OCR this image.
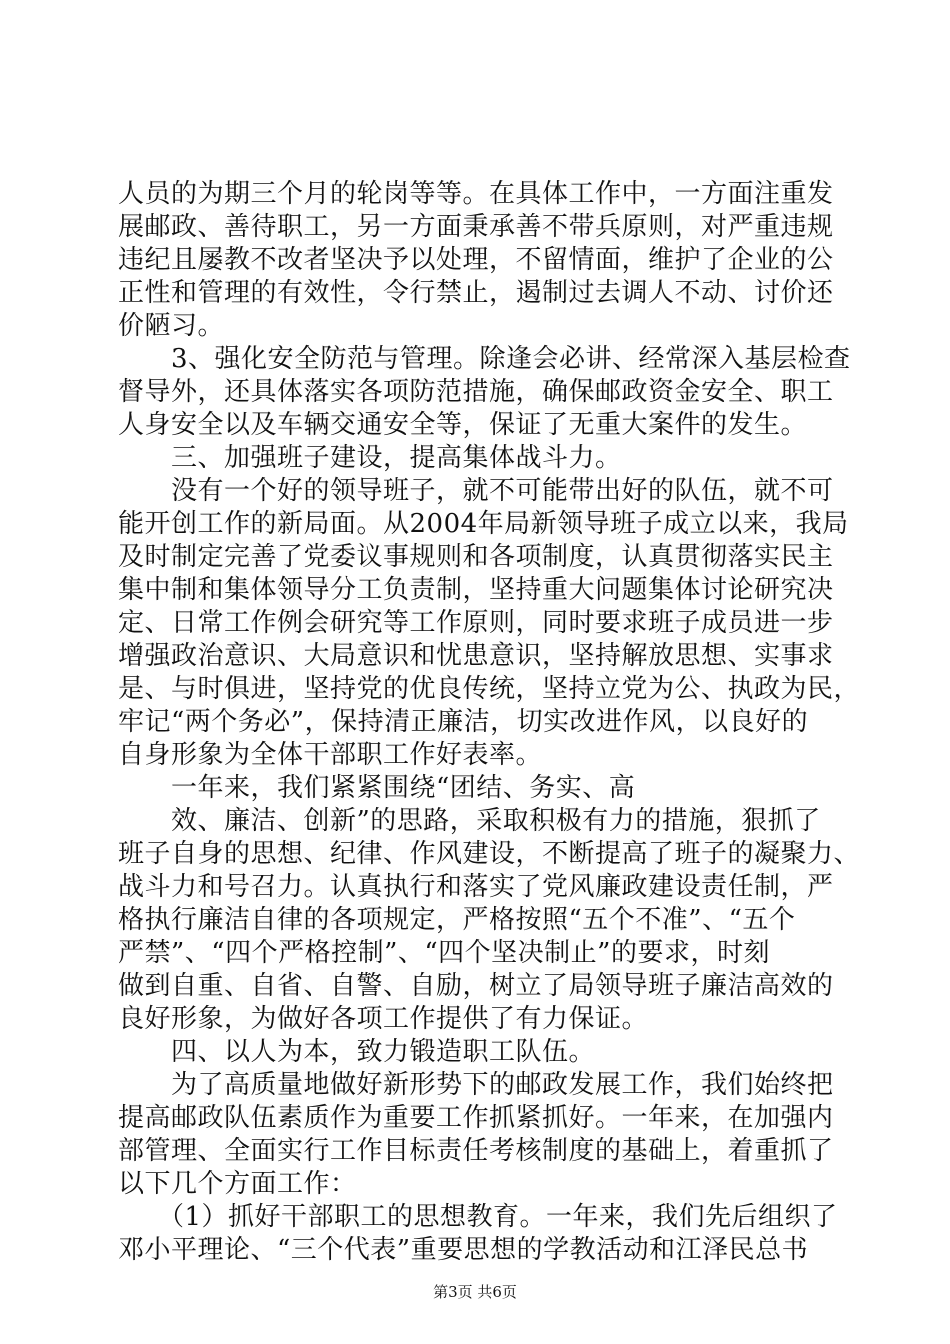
人员的为期三个月的轮岗等等。在具体工作中，一方面注重发
展邮政、善待职工，另一方面秉承善不带兵原则，对严重违规
违纪且屡教不改者坚决予以处理，不留情面，维护了企业的公
正性和管理的有效性，令行禁止，遏制过去调人不动、讨价还
价陋习。
　　3、强化安全防范与管理。除逢会必讲、经常深入基层检查
督导外，还具体落实各项防范措施，确保邮政资金安全、职工
人身安全以及车辆交通安全等，保证了无重大案件的发生。
　　三、加强班子建设，提高集体战斗力。
　　没有一个好的领导班子，就不可能带出好的队伍，就不可
能开创工作的新局面。从2004年局新领导班子成立以来，我局
及时制定完善了党委议事规则和各项制度，认真贯彻落实民主
集中制和集体领导分工负责制，坚持重大问题集体讨论研究决
定、日常工作例会研究等工作原则，同时要求班子成员进一步
增强政治意识、大局意识和忧患意识，坚持解放思想、实事求
是、与时俱进，坚持党的优良传统，坚持立党为公、执政为民，
牢记“两个务必”，保持清正廉洁，切实改进作风，以良好的
自身形象为全体干部职工作好表率。
　　一年来，我们紧紧围绕“团结、务实、高
　　效、廉洁、创新”的思路，采取积极有力的措施，狠抓了
班子自身的思想、纪律、作风建设，不断提高了班子的凝聚力、
战斗力和号召力。认真执行和落实了党风廉政建设责任制，严
格执行廉洁自律的各项规定，严格按照“五个不准”、“五个
严禁”、“四个严格控制”、“四个坚决制止”的要求，时刻
做到自重、自省、自警、自励，树立了局领导班子廉洁高效的
良好形象，为做好各项工作提供了有力保证。
　　四、以人为本，致力锻造职工队伍。
　　为了高质量地做好新形势下的邮政发展工作，我们始终把
提高邮政队伍素质作为重要工作抓紧抓好。一年来，在加强内
部管理、全面实行工作目标责任考核制度的基础上，着重抓了
以下几个方面工作：
　　（1）抓好干部职工的思想教育。一年来，我们先后组织了
邓小平理论、“三个代表”重要思想的学教活动和江泽民总书
第3页 共6页
